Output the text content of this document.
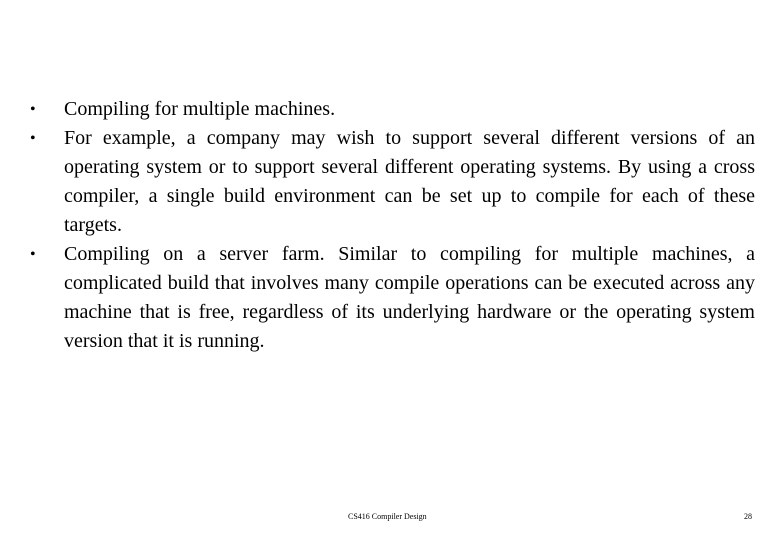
• Compiling for multiple machines.
• For example, a company may wish to support several different versions of an operating system or to support several different operating systems. By using a cross compiler, a single build environment can be set up to compile for each of these targets.
• Compiling on a server farm. Similar to compiling for multiple machines, a complicated build that involves many compile operations can be executed across any machine that is free, regardless of its underlying hardware or the operating system version that it is running.
CS416 Compiler Design	28
